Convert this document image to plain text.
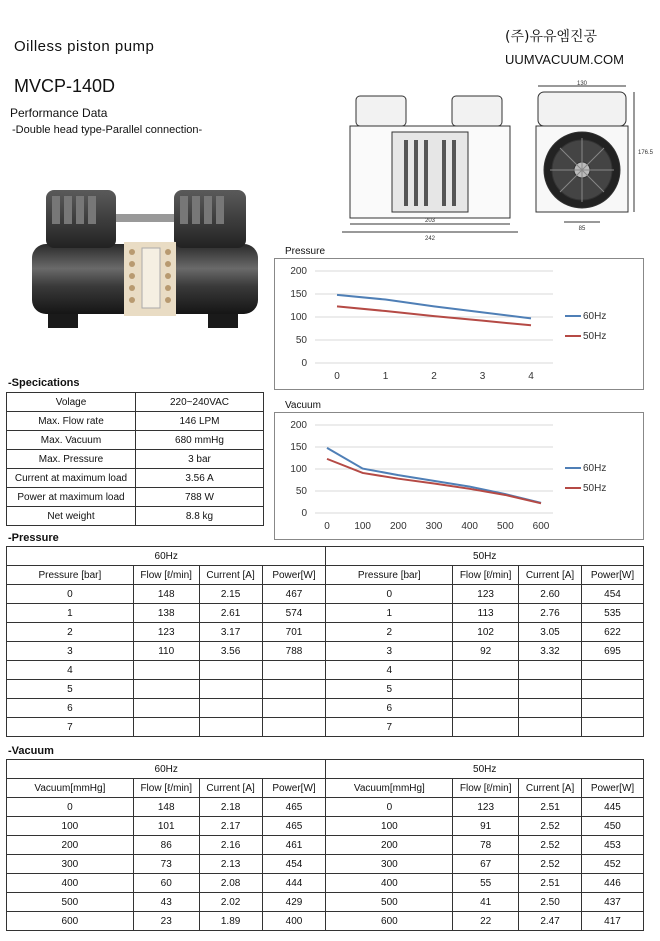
Oilless piston pump
MVCP-140D
Performance Data
-Double head type-Parallel connection-
(주)유유엠진공
UUMVACUUM.COM
130
176.5
203
242
85
Pressure
0
50
100
150
200
0	1	2	3	4
60Hz
50Hz
Vacuum
0
50
100
150
200
0 100 200 300 400 500 600
60Hz
50Hz
-Specications
Volage	220~240VAC
Max. Flow rate	146 LPM
Max. Vacuum	680 mmHg
Max. Pressure	3 bar
Current at maximum load	3.56 A
Power at maximum load	788 W
Net weight	8.8 kg
-Pressure
60Hz				50Hz			
Pressure [bar]	Flow [ℓ/min]	Current [A]	Power[W]	Pressure [bar]	Flow [ℓ/min]	Current [A]	Power[W]
0	148	2.15	467	0	123	2.60	454
1	138	2.61	574	1	113	2.76	535
2	123	3.17	701	2	102	3.05	622
3	110	3.56	788	3	92	3.32	695
4				4			
5				5			
6				6			
7				7			
-Vacuum
60Hz				50Hz			
Vacuum[mmHg]	Flow [ℓ/min]	Current [A]	Power[W]	Vacuum[mmHg]	Flow [ℓ/min]	Current [A]	Power[W]
0	148	2.18	465	0	123	2.51	445
100	101	2.17	465	100	91	2.52	450
200	86	2.16	461	200	78	2.52	453
300	73	2.13	454	300	67	2.52	452
400	60	2.08	444	400	55	2.51	446
500	43	2.02	429	500	41	2.50	437
600	23	1.89	400	600	22	2.47	417
